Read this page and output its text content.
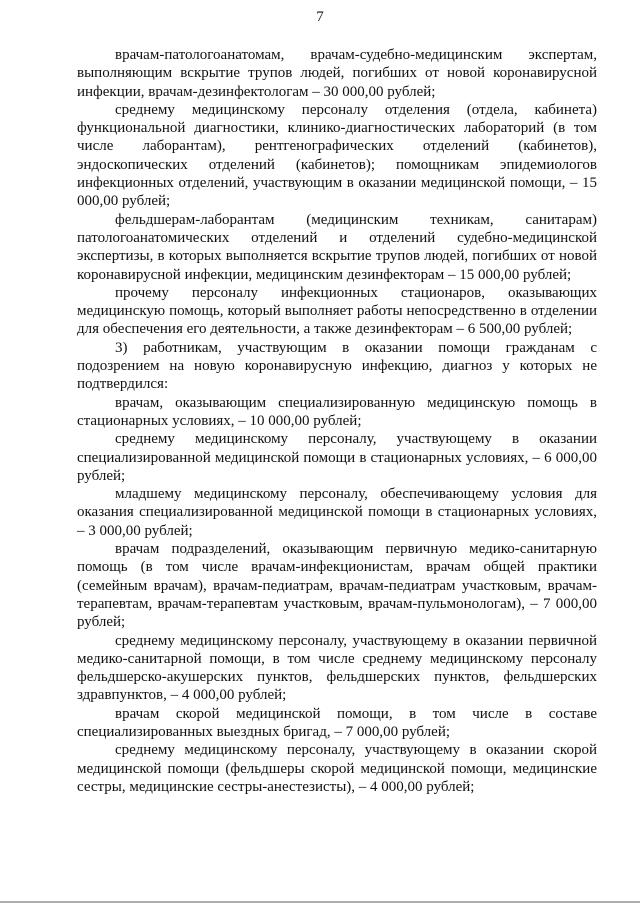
7

врачам-патологоанатомам, врачам-судебно-медицинским экспертам, выполняющим вскрытие трупов людей, погибших от новой коронавирусной инфекции, врачам-дезинфектологам – 30 000,00 рублей;

среднему медицинскому персоналу отделения (отдела, кабинета) функциональной диагностики, клинико-диагностических лабораторий (в том числе лаборантам), рентгенографических отделений (кабинетов), эндоскопических отделений (кабинетов); помощникам эпидемиологов инфекционных отделений, участвующим в оказании медицинской помощи, – 15 000,00 рублей;

фельдшерам-лаборантам (медицинским техникам, санитарам) патологоанатомических отделений и отделений судебно-медицинской экспертизы, в которых выполняется вскрытие трупов людей, погибших от новой коронавирусной инфекции, медицинским дезинфекторам – 15 000,00 рублей;

прочему персоналу инфекционных стационаров, оказывающих медицинскую помощь, который выполняет работы непосредственно в отделении для обеспечения его деятельности, а также дезинфекторам – 6 500,00 рублей;

3) работникам, участвующим в оказании помощи гражданам с подозрением на новую коронавирусную инфекцию, диагноз у которых не подтвердился:

врачам, оказывающим специализированную медицинскую помощь в стационарных условиях, – 10 000,00 рублей;

среднему медицинскому персоналу, участвующему в оказании специализированной медицинской помощи в стационарных условиях, – 6 000,00 рублей;

младшему медицинскому персоналу, обеспечивающему условия для оказания специализированной медицинской помощи в стационарных условиях, – 3 000,00 рублей;

врачам подразделений, оказывающим первичную медико-санитарную помощь (в том числе врачам-инфекционистам, врачам общей практики (семейным врачам), врачам-педиатрам, врачам-педиатрам участковым, врачам-терапевтам, врачам-терапевтам участковым, врачам-пульмонологам), – 7 000,00 рублей;

среднему медицинскому персоналу, участвующему в оказании первичной медико-санитарной помощи, в том числе среднему медицинскому персоналу фельдшерско-акушерских пунктов, фельдшерских пунктов, фельдшерских здравпунктов, – 4 000,00 рублей;

врачам скорой медицинской помощи, в том числе в составе специализированных выездных бригад, – 7 000,00 рублей;

среднему медицинскому персоналу, участвующему в оказании скорой медицинской помощи (фельдшеры скорой медицинской помощи, медицинские сестры, медицинские сестры-анестезисты), – 4 000,00 рублей;
